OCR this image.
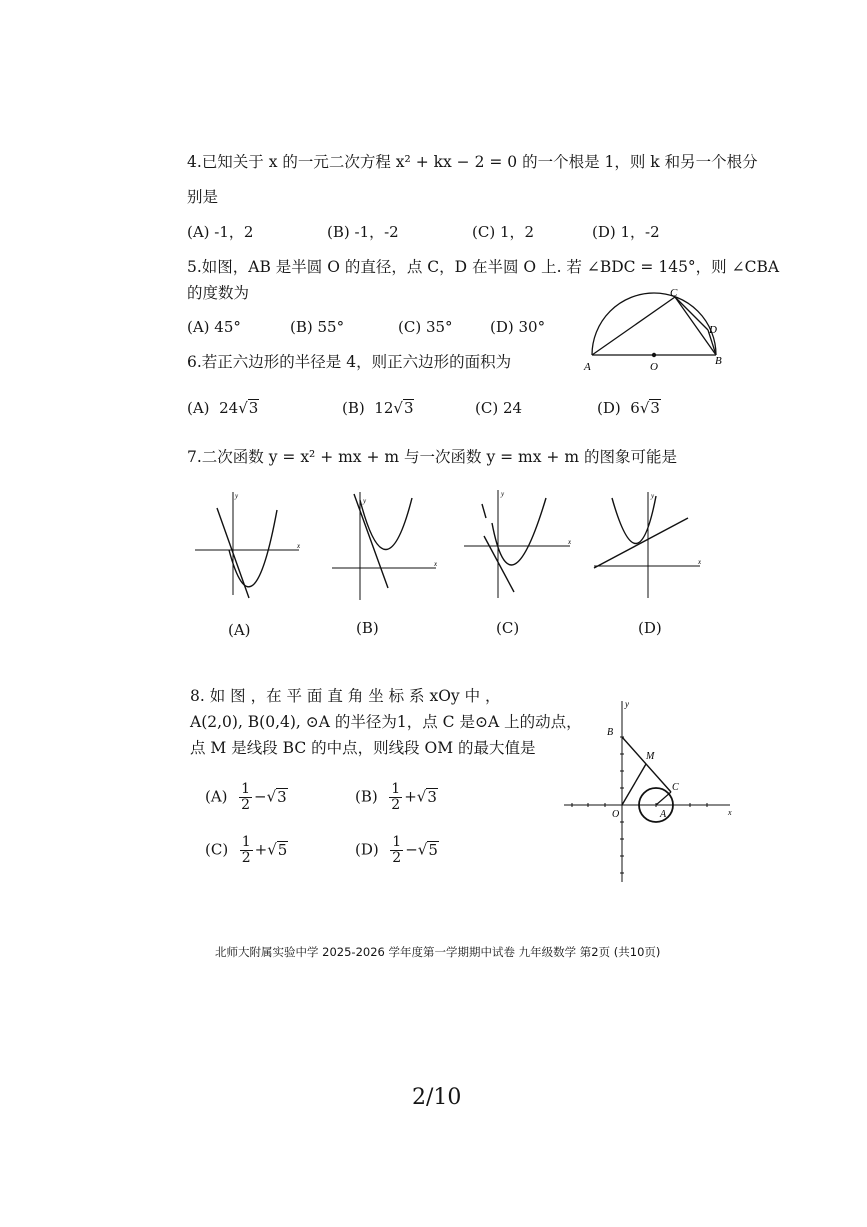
4.已知关于 x 的一元二次方程 x² + kx − 2 = 0 的一个根是 1，则 k 和另一个根分
别是
(A) -1，2	(B) -1，-2	(C) 1，2	(D) 1，-2
5.如图，AB 是半圆 O 的直径，点 C，D 在半圆 O 上. 若 ∠BDC = 145°，则 ∠CBA
的度数为
(A) 45°	(B) 55°	(C) 35° (D) 30°
A	O	B
C
D
6.若正六边形的半径是 4，则正六边形的面积为
(A) 24√3	(B) 12√3	(C) 24	(D) 6√3
7.二次函数 y = x² + mx + m 与一次函数 y = mx + m 的图象可能是
x
y
(A)
x
y
(B)
x
y
(C)
x
y
(D)
8. 如 图 ，在 平 面 直 角 坐 标 系 xOy 中 ，
A(2,0), B(0,4), ⊙A 的半径为1，点 C 是⊙A 上的动点，
点 M 是线段 BC 的中点，则线段 OM 的最大值是
$(A) \frac{1}{2} -√3$	$(B) \frac{1}{2} +√3$
$(C) \frac{1}{2} +√5$	$(D) \frac{1}{2} -√5$
x
y
B
M
C
O	A
北师大附属实验中学 2025-2026 学年度第一学期期中试卷 九年级数学 第2页 (共10页)
2/10
